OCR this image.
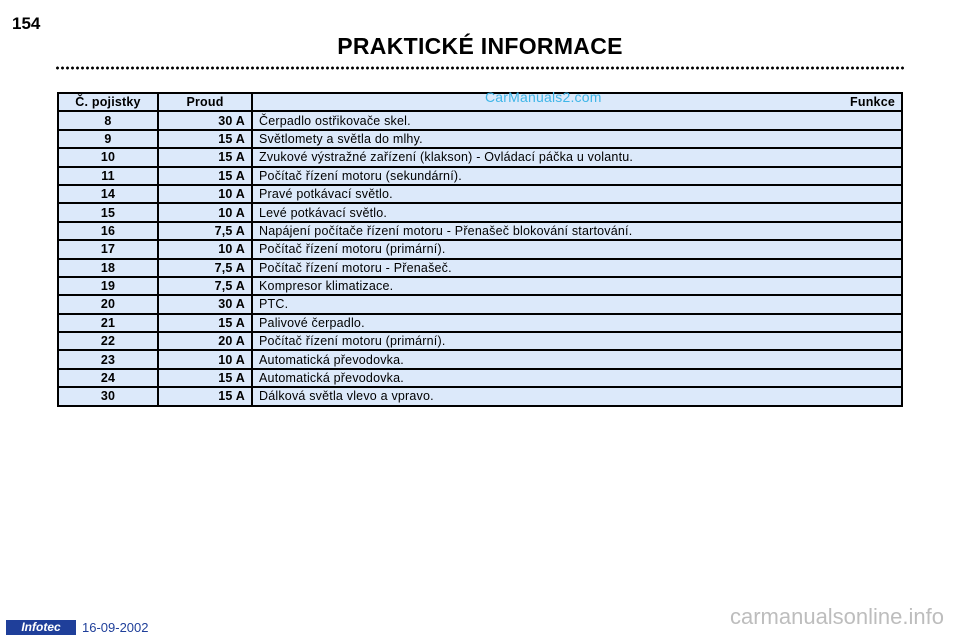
154
PRAKTICKÉ INFORMACE
Č. pojistky	Proud	Funkce
8	30 A	Čerpadlo ostřikovače skel.
9	15 A	Světlomety a světla do mlhy.
10	15 A	Zvukové výstražné zařízení (klakson) - Ovládací páčka u volantu.
11	15 A	Počítač řízení motoru (sekundární).
14	10 A	Pravé potkávací světlo.
15	10 A	Levé potkávací světlo.
16	7,5 A	Napájení počítače řízení motoru - Přenašeč blokování startování.
17	10 A	Počítač řízení motoru (primární).
18	7,5 A	Počítač řízení motoru - Přenašeč.
19	7,5 A	Kompresor klimatizace.
20	30 A	PTC.
21	15 A	Palivové čerpadlo.
22	20 A	Počítač řízení motoru (primární).
23	10 A	Automatická převodovka.
24	15 A	Automatická převodovka.
30	15 A	Dálková světla vlevo a vpravo.
CarManuals2.com
Infotec	16-09-2002	carmanualsonline.info
